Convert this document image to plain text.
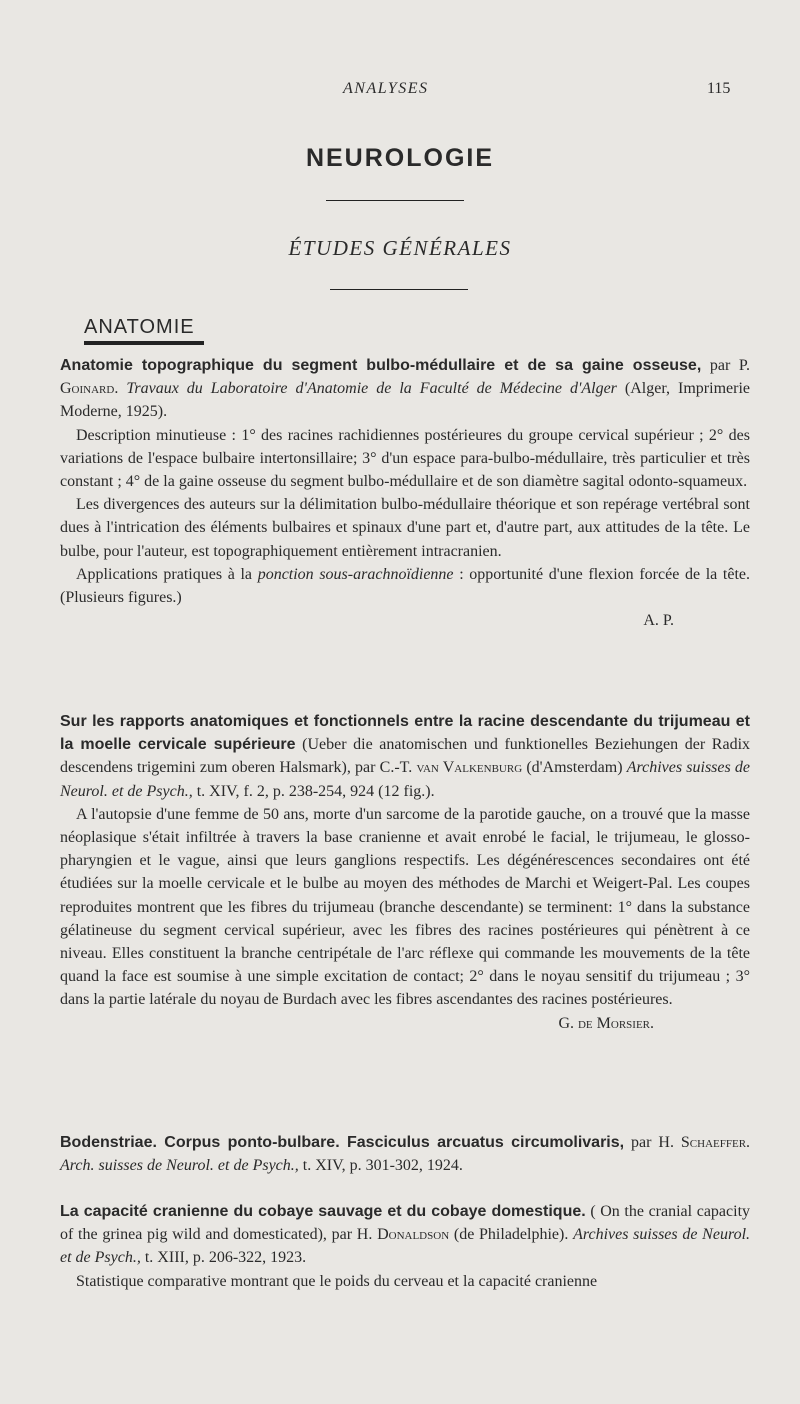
ANALYSES	115
NEUROLOGIE
ÉTUDES GÉNÉRALES
ANATOMIE

Anatomie topographique du segment bulbo-médullaire et de sa gaine osseuse, par P. Goinard. Travaux du Laboratoire d'Anatomie de la Faculté de Médecine d'Alger (Alger, Imprimerie Moderne, 1925).

Description minutieuse : 1° des racines rachidiennes postérieures du groupe cervical supérieur ; 2° des variations de l'espace bulbaire intertonsillaire; 3° d'un espace para-bulbo-médullaire, très particulier et très constant ; 4° de la gaine osseuse du segment bulbo-médullaire et de son diamètre sagital odonto-squameux.

Les divergences des auteurs sur la délimitation bulbo-médullaire théorique et son repérage vertébral sont dues à l'intrication des éléments bulbaires et spinaux d'une part et, d'autre part, aux attitudes de la tête. Le bulbe, pour l'auteur, est topographiquement entièrement intracranien.

Applications pratiques à la ponction sous-arachnoïdienne : opportunité d'une flexion forcée de la tête. (Plusieurs figures.)

A. P.

Sur les rapports anatomiques et fonctionnels entre la racine descendante du trijumeau et la moelle cervicale supérieure (Ueber die anatomischen und funktionelles Beziehungen der Radix descendens trigemini zum oberen Halsmark), par C.-T. van Valkenburg (d'Amsterdam) Archives suisses de Neurol. et de Psych., t. XIV, f. 2, p. 238-254, 924 (12 fig.).

A l'autopsie d'une femme de 50 ans, morte d'un sarcome de la parotide gauche, on a trouvé que la masse néoplasique s'était infiltrée à travers la base cranienne et avait enrobé le facial, le trijumeau, le glosso-pharyngien et le vague, ainsi que leurs ganglions respectifs. Les dégénérescences secondaires ont été étudiées sur la moelle cervicale et le bulbe au moyen des méthodes de Marchi et Weigert-Pal. Les coupes reproduites montrent que les fibres du trijumeau (branche descendante) se terminent: 1° dans la substance gélatineuse du segment cervical supérieur, avec les fibres des racines postérieures qui pénètrent à ce niveau. Elles constituent la branche centripétale de l'arc réflexe qui commande les mouvements de la tête quand la face est soumise à une simple excitation de contact; 2° dans le noyau sensitif du trijumeau ; 3° dans la partie latérale du noyau de Burdach avec les fibres ascendantes des racines postérieures.
G. de Morsier.

Bodenstriae. Corpus ponto-bulbare. Fasciculus arcuatus circumolivaris, par H. Schaeffer. Arch. suisses de Neurol. et de Psych., t. XIV, p. 301-302, 1924.

La capacité cranienne du cobaye sauvage et du cobaye domestique. ( On the cranial capacity of the grinea pig wild and domesticated), par H. Donaldson (de Philadelphie). Archives suisses de Neurol. et de Psych., t. XIII, p. 206-322, 1923.

Statistique comparative montrant que le poids du cerveau et la capacité cranienne
